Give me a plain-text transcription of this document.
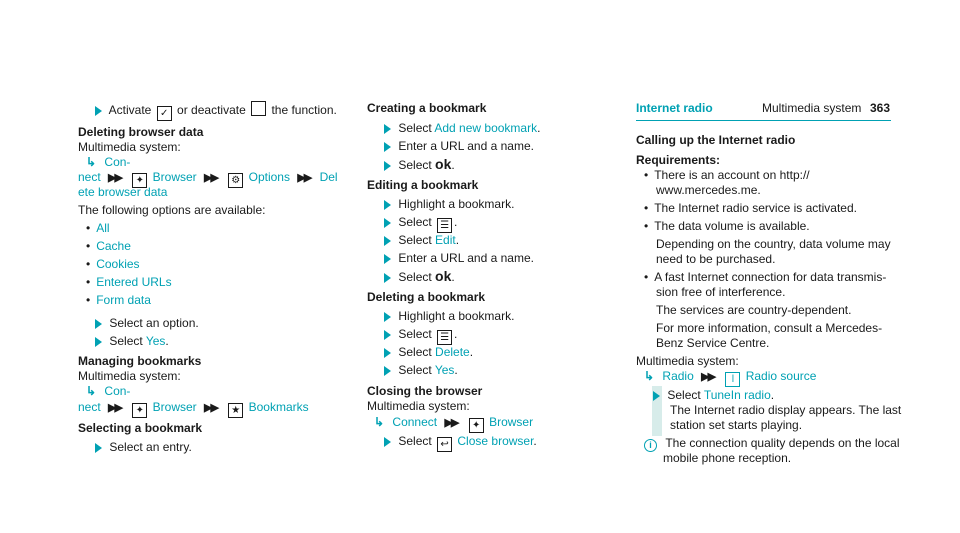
Multimedia system 363
Activate ✓ or deactivate the function.
Deleting browser data
Multimedia system:
↳ Con-
nect ▶▶ ✦ Browser ▶▶ ⚙ Options ▶▶ Del
ete browser data
The following options are available:
• All
• Cache
• Cookies
• Entered URLs
• Form data
Select an option.
Select Yes.
Managing bookmarks
Multimedia system:
↳ Con-
nect ▶▶ ✦ Browser ▶▶ ★ Bookmarks
Selecting a bookmark
Select an entry.
Creating a bookmark
Select Add new bookmark.
Enter a URL and a name.
Select ok.
Editing a bookmark
Highlight a bookmark.
Select ☰ .
Select Edit.
Enter a URL and a name.
Select ok.
Deleting a bookmark
Highlight a bookmark.
Select ☰ .
Select Delete.
Select Yes.
Closing the browser
Multimedia system:
↳ Connect ▶▶ ✦ Browser
Select ↩ Close browser.
Internet radio
Calling up the Internet radio
Requirements:
• There is an account on http://
www.mercedes.me.
• The Internet radio service is activated.
• The data volume is available.
Depending on the country, data volume may
need to be purchased.
• A fast Internet connection for data transmis-
sion free of interference.
The services are country-dependent.
For more information, consult a Mercedes-
Benz Service Centre.
Multimedia system:
↳ Radio ▶▶ ǀ Radio source
Select TuneIn radio.
The Internet radio display appears. The last
station set starts playing.
i The connection quality depends on the local
mobile phone reception.
